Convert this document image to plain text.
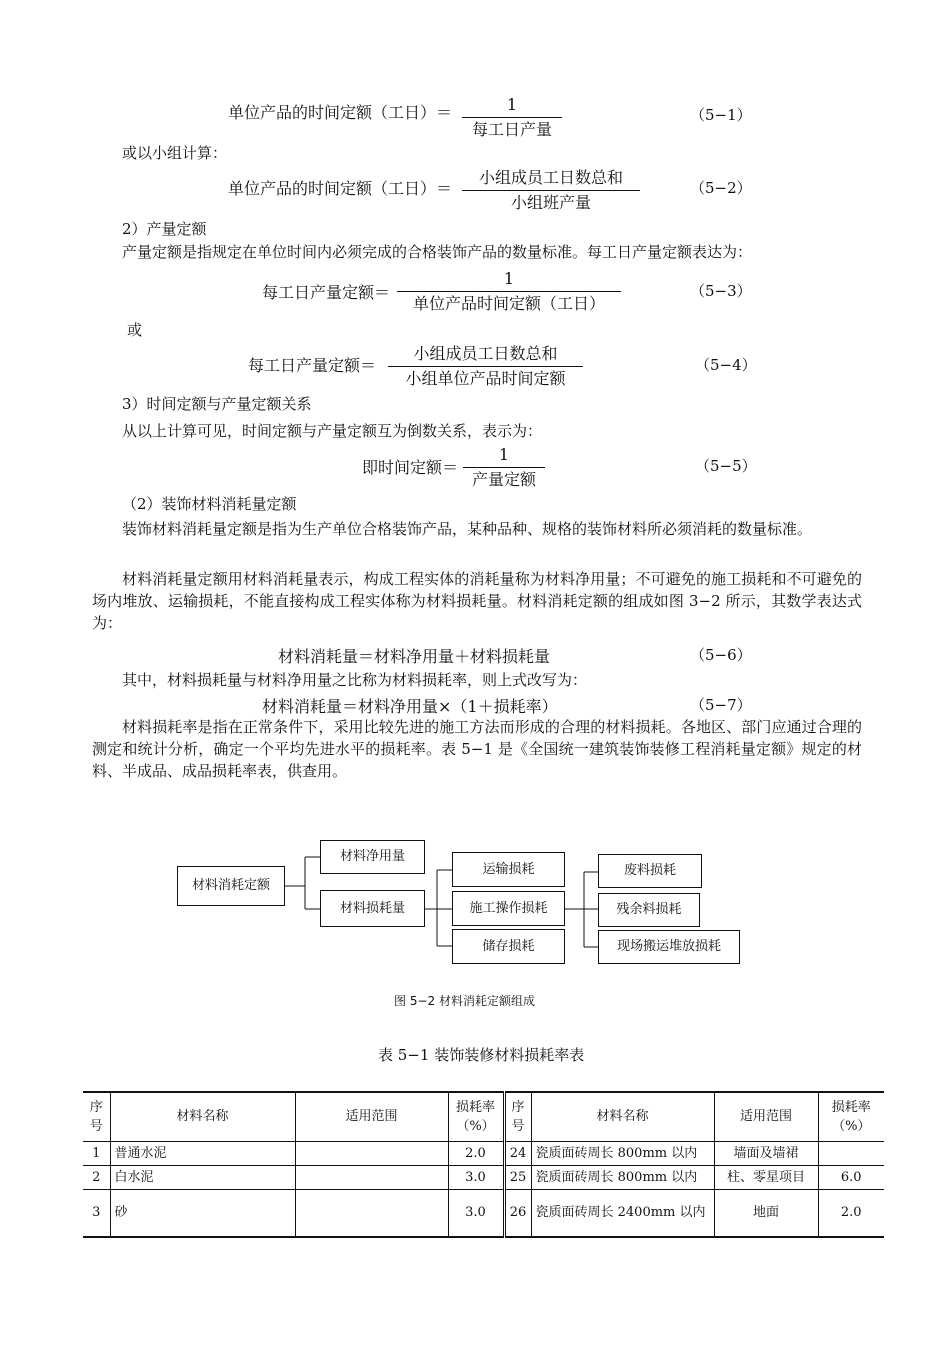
单位产品的时间定额（工日）＝	1
每工日产量
（5−1）
或以小组计算：
单位产品的时间定额（工日）＝
小组成员工日数总和
小组班产量
（5−2）
2）产量定额
产量定额是指规定在单位时间内必须完成的合格装饰产品的数量标准。每工日产量定额表达为：
每工日产量定额＝
1
单位产品时间定额（工日）
（5−3）
或
每工日产量定额＝
小组成员工日数总和
小组单位产品时间定额
（5−4）
3）时间定额与产量定额关系
从以上计算可见，时间定额与产量定额互为倒数关系，表示为：
即时间定额＝
1
产量定额
（5−5）
（2）装饰材料消耗量定额
装饰材料消耗量定额是指为生产单位合格装饰产品，某种品种、规格的装饰材料所必须消耗的数量标准。
材料消耗量定额用材料消耗量表示，构成工程实体的消耗量称为材料净用量；不可避免的施工损耗和不可避免的场内堆放、运输损耗，不能直接构成工程实体称为材料损耗量。材料消耗定额的组成如图 3−2 所示，其数学表达式为：
材料消耗量＝材料净用量＋材料损耗量	（5−6）
其中，材料损耗量与材料净用量之比称为材料损耗率，则上式改写为：
材料消耗量＝材料净用量×（1＋损耗率）	（5−7）
材料损耗率是指在正常条件下，采用比较先进的施工方法而形成的合理的材料损耗。各地区、部门应通过合理的测定和统计分析，确定一个平均先进水平的损耗率。表 5−1 是《全国统一建筑装饰装修工程消耗量定额》规定的材料、半成品、成品损耗率表，供查用。
材料消耗定额
材料净用量
材料损耗量
运输损耗
施工操作损耗
储存损耗
废料损耗
残余料损耗
现场搬运堆放损耗
图 5−2 材料消耗定额组成
表 5−1 装饰装修材料损耗率表
序号	材料名称	适用范围	损耗率（%）	序号	材料名称	适用范围	损耗率（%）
1	普通水泥		2.0	24	瓷质面砖周长 800mm 以内	墙面及墙裙	
2	白水泥		3.0	25	瓷质面砖周长 800mm 以内	柱、零星项目	6.0
3	砂		3.0	26	瓷质面砖周长 2400mm 以内	地面	2.0
